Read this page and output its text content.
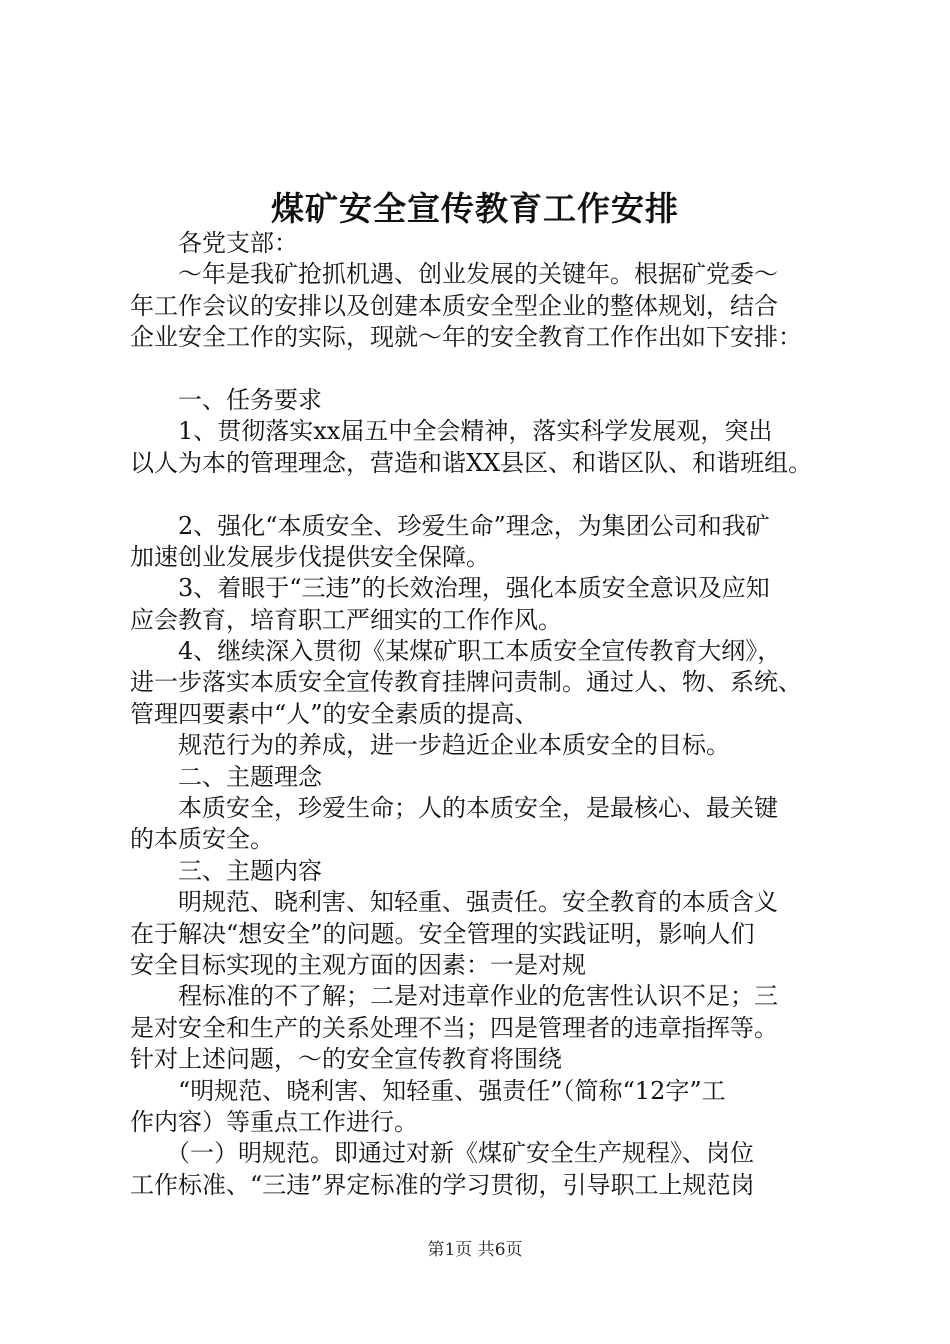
煤矿安全宣传教育工作安排
　　各党支部：
　　～年是我矿抢抓机遇、创业发展的关键年。根据矿党委～
年工作会议的安排以及创建本质安全型企业的整体规划，结合
企业安全工作的实际，现就～年的安全教育工作作出如下安排：
　　一、任务要求
　　1、贯彻落实xx届五中全会精神，落实科学发展观，突出
以人为本的管理理念，营造和谐XX县区、和谐区队、和谐班组。
　　2、强化“本质安全、珍爱生命”理念，为集团公司和我矿
加速创业发展步伐提供安全保障。
　　3、着眼于“三违”的长效治理，强化本质安全意识及应知
应会教育，培育职工严细实的工作作风。
　　4、继续深入贯彻《某煤矿职工本质安全宣传教育大纲》，
进一步落实本质安全宣传教育挂牌问责制。通过人、物、系统、
管理四要素中“人”的安全素质的提高、
　　规范行为的养成，进一步趋近企业本质安全的目标。
　　二、主题理念
　　本质安全，珍爱生命；人的本质安全，是最核心、最关键
的本质安全。
　　三、主题内容
　　明规范、晓利害、知轻重、强责任。安全教育的本质含义
在于解决“想安全”的问题。安全管理的实践证明，影响人们
安全目标实现的主观方面的因素：一是对规
　　程标准的不了解；二是对违章作业的危害性认识不足；三
是对安全和生产的关系处理不当；四是管理者的违章指挥等。
针对上述问题，～的安全宣传教育将围绕
　　“明规范、晓利害、知轻重、强责任”（简称“12字”工
作内容）等重点工作进行。
　　（一）明规范。即通过对新《煤矿安全生产规程》、岗位
工作标准、“三违”界定标准的学习贯彻，引导职工上规范岗
第1页 共6页
